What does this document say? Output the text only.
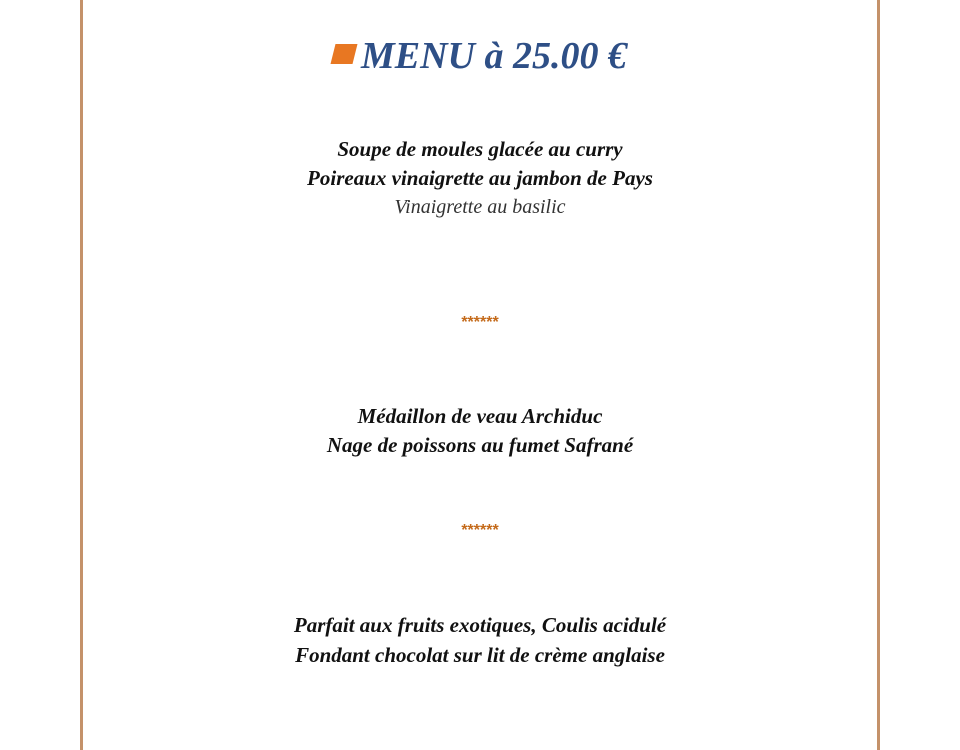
MENU à 25.00 €
Soupe de moules glacée au curry
Poireaux vinaigrette au jambon de Pays
Vinaigrette au basilic
******
Médaillon de veau Archiduc
Nage de poissons au fumet Safrané
******
Parfait aux fruits exotiques, Coulis acidulé
Fondant chocolat sur lit de crème anglaise
